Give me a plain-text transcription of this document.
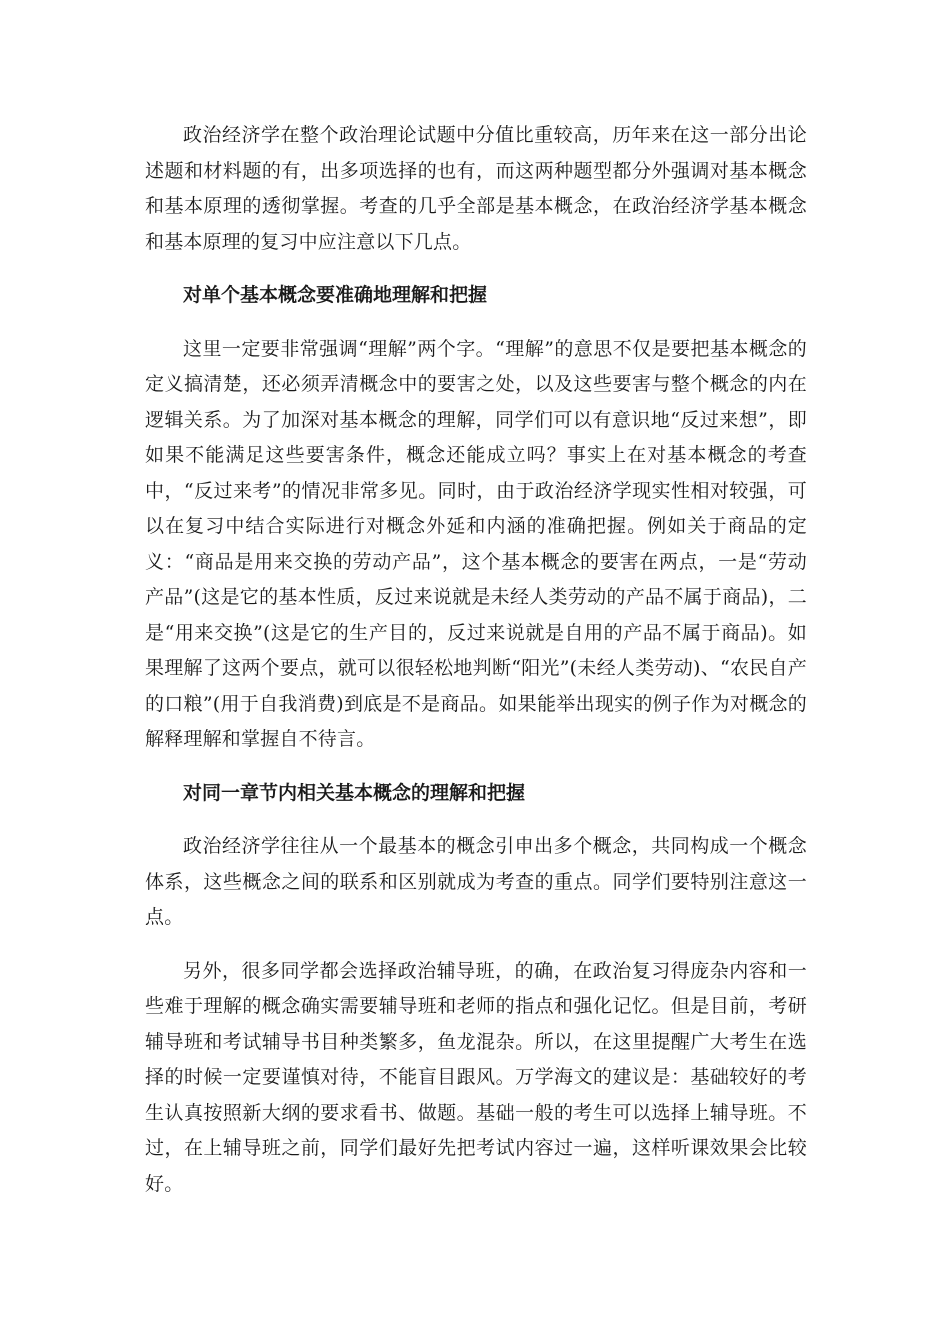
政治经济学在整个政治理论试题中分值比重较高，历年来在这一部分出论述题和材料题的有，出多项选择的也有，而这两种题型都分外强调对基本概念和基本原理的透彻掌握。考查的几乎全部是基本概念，在政治经济学基本概念和基本原理的复习中应注意以下几点。

对单个基本概念要准确地理解和把握

这里一定要非常强调“理解”两个字。“理解”的意思不仅是要把基本概念的定义搞清楚，还必须弄清概念中的要害之处，以及这些要害与整个概念的内在逻辑关系。为了加深对基本概念的理解，同学们可以有意识地“反过来想”，即如果不能满足这些要害条件，概念还能成立吗？事实上在对基本概念的考查中，“反过来考”的情况非常多见。同时，由于政治经济学现实性相对较强，可以在复习中结合实际进行对概念外延和内涵的准确把握。例如关于商品的定义：“商品是用来交换的劳动产品”，这个基本概念的要害在两点，一是“劳动产品”(这是它的基本性质，反过来说就是未经人类劳动的产品不属于商品)，二是“用来交换”(这是它的生产目的，反过来说就是自用的产品不属于商品)。如果理解了这两个要点，就可以很轻松地判断“阳光”(未经人类劳动)、“农民自产的口粮”(用于自我消费)到底是不是商品。如果能举出现实的例子作为对概念的解释理解和掌握自不待言。

对同一章节内相关基本概念的理解和把握

政治经济学往往从一个最基本的概念引申出多个概念，共同构成一个概念体系，这些概念之间的联系和区别就成为考查的重点。同学们要特别注意这一点。

另外，很多同学都会选择政治辅导班，的确，在政治复习得庞杂内容和一些难于理解的概念确实需要辅导班和老师的指点和强化记忆。但是目前，考研辅导班和考试辅导书目种类繁多，鱼龙混杂。所以，在这里提醒广大考生在选择的时候一定要谨慎对待，不能盲目跟风。万学海文的建议是：基础较好的考生认真按照新大纲的要求看书、做题。基础一般的考生可以选择上辅导班。不过，在上辅导班之前，同学们最好先把考试内容过一遍，这样听课效果会比较好。
